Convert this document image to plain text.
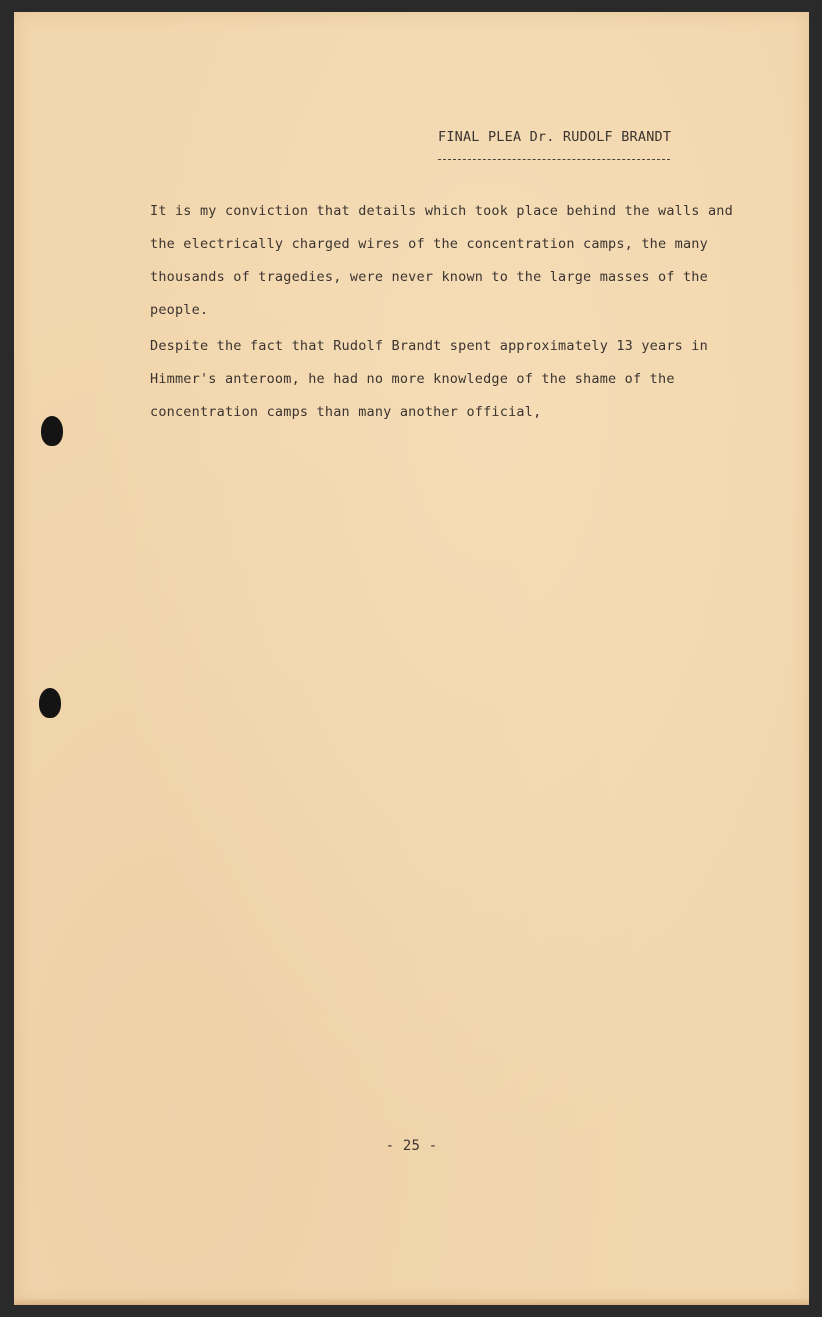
FINAL PLEA Dr. RUDOLF BRANDT

It is my conviction that details which took place behind the walls and
the electrically charged wires of the concentration camps, the many
thousands of tragedies, were never known to the large masses of the
people.

Despite the fact that Rudolf Brandt spent approximately 13 years in
Himmer's anteroom, he had no more knowledge of the shame of the
concentration camps than many another official,

- 25 -
